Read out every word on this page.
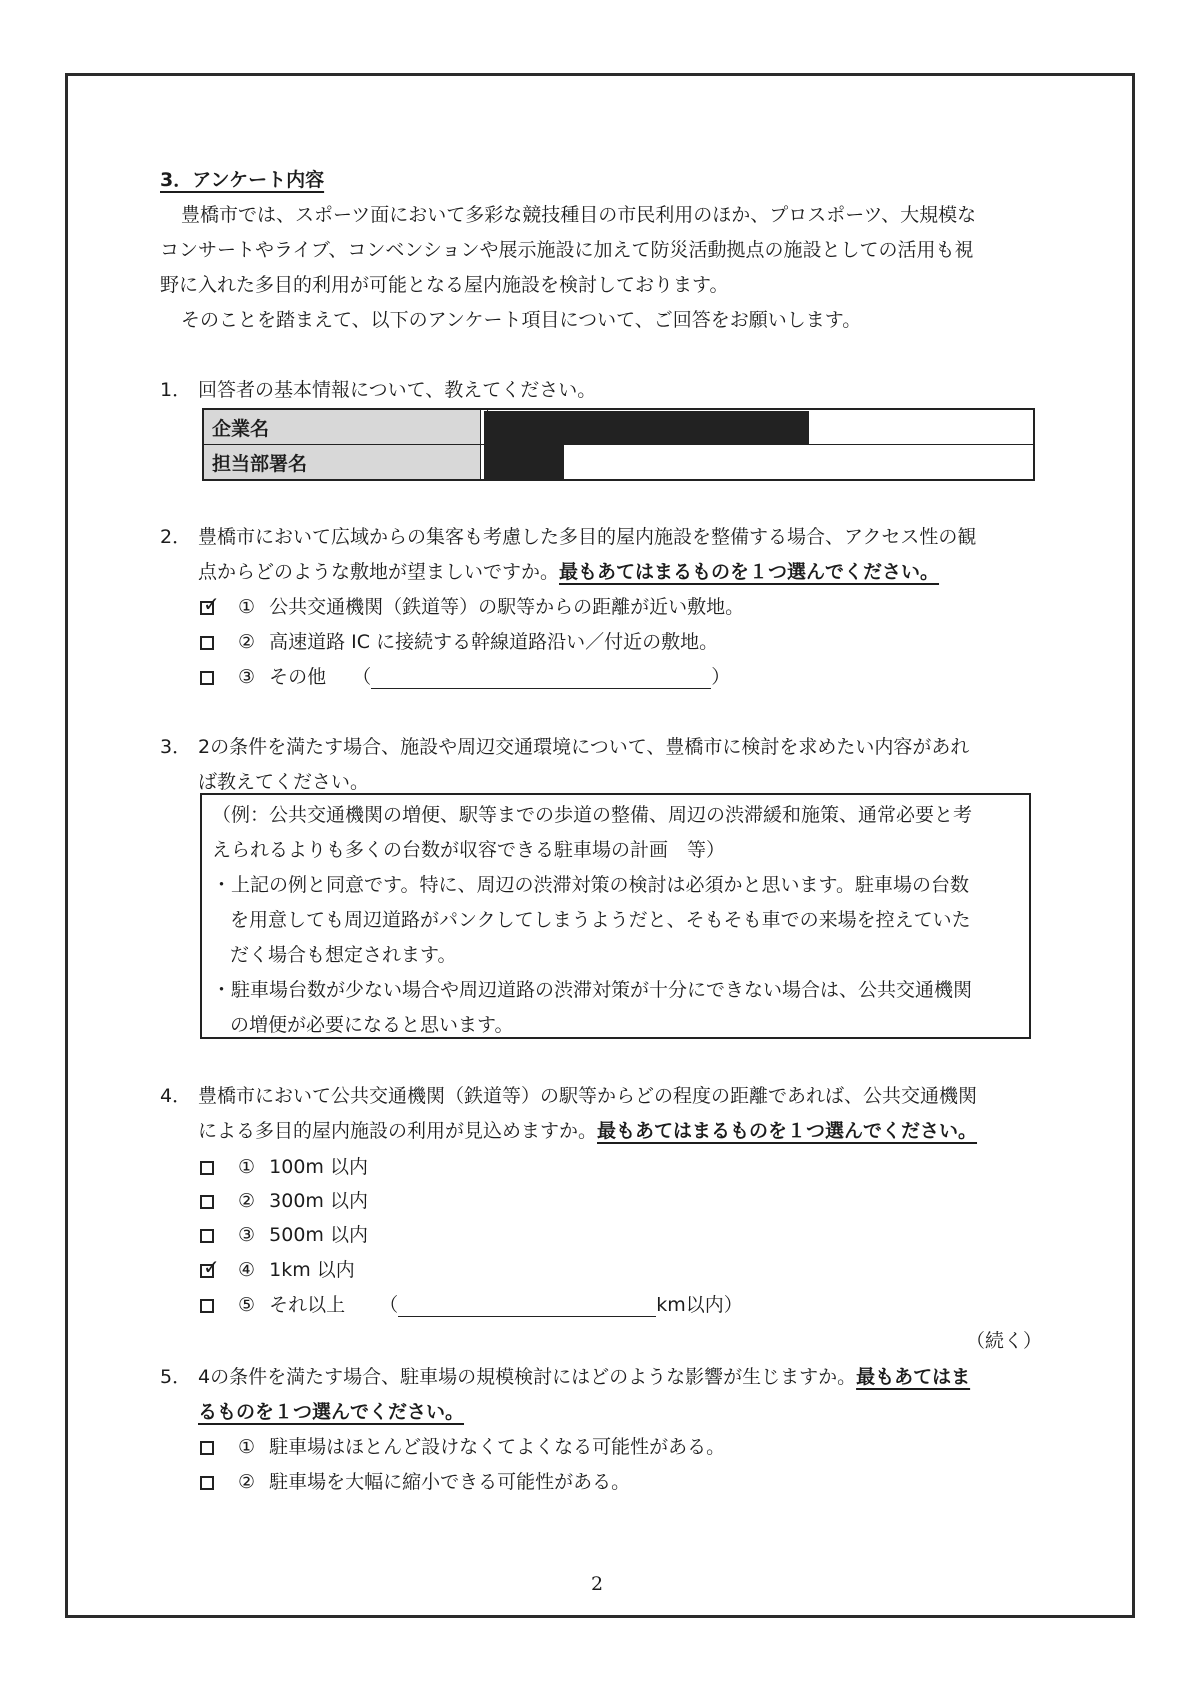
3．アンケート内容
豊橋市では、スポーツ面において多彩な競技種目の市民利用のほか、プロスポーツ、大規模な
コンサートやライブ、コンベンションや展示施設に加えて防災活動拠点の施設としての活用も視
野に入れた多目的利用が可能となる屋内施設を検討しております。
そのことを踏まえて、以下のアンケート項目について、ご回答をお願いします。
1． 回答者の基本情報について、教えてください。
企業名		
担当部署名		
2． 豊橋市において広域からの集客も考慮した多目的屋内施設を整備する場合、アクセス性の観
点からどのような敷地が望ましいですか。最もあてはまるものを１つ選んでください。
✓ ① 公共交通機関（鉄道等）の駅等からの距離が近い敷地。
② 高速道路 IC に接続する幹線道路沿い／付近の敷地。
③ その他 （	）
3． 2の条件を満たす場合、施設や周辺交通環境について、豊橋市に検討を求めたい内容があれ
ば教えてください。
（例：公共交通機関の増便、駅等までの歩道の整備、周辺の渋滞緩和施策、通常必要と考
えられるよりも多くの台数が収容できる駐車場の計画　等）
・上記の例と同意です。特に、周辺の渋滞対策の検討は必須かと思います。駐車場の台数
を用意しても周辺道路がパンクしてしまうようだと、そもそも車での来場を控えていた
だく場合も想定されます。
・駐車場台数が少ない場合や周辺道路の渋滞対策が十分にできない場合は、公共交通機関
の増便が必要になると思います。
4． 豊橋市において公共交通機関（鉄道等）の駅等からどの程度の距離であれば、公共交通機関
による多目的屋内施設の利用が見込めますか。最もあてはまるものを１つ選んでください。
① 100m 以内
② 300m 以内
③ 500m 以内
✓ ④ 1km 以内
⑤ それ以上 （	km以内）
（続く）
5． 4の条件を満たす場合、駐車場の規模検討にはどのような影響が生じますか。最もあてはま
るものを１つ選んでください。
① 駐車場はほとんど設けなくてよくなる可能性がある。
② 駐車場を大幅に縮小できる可能性がある。
2
